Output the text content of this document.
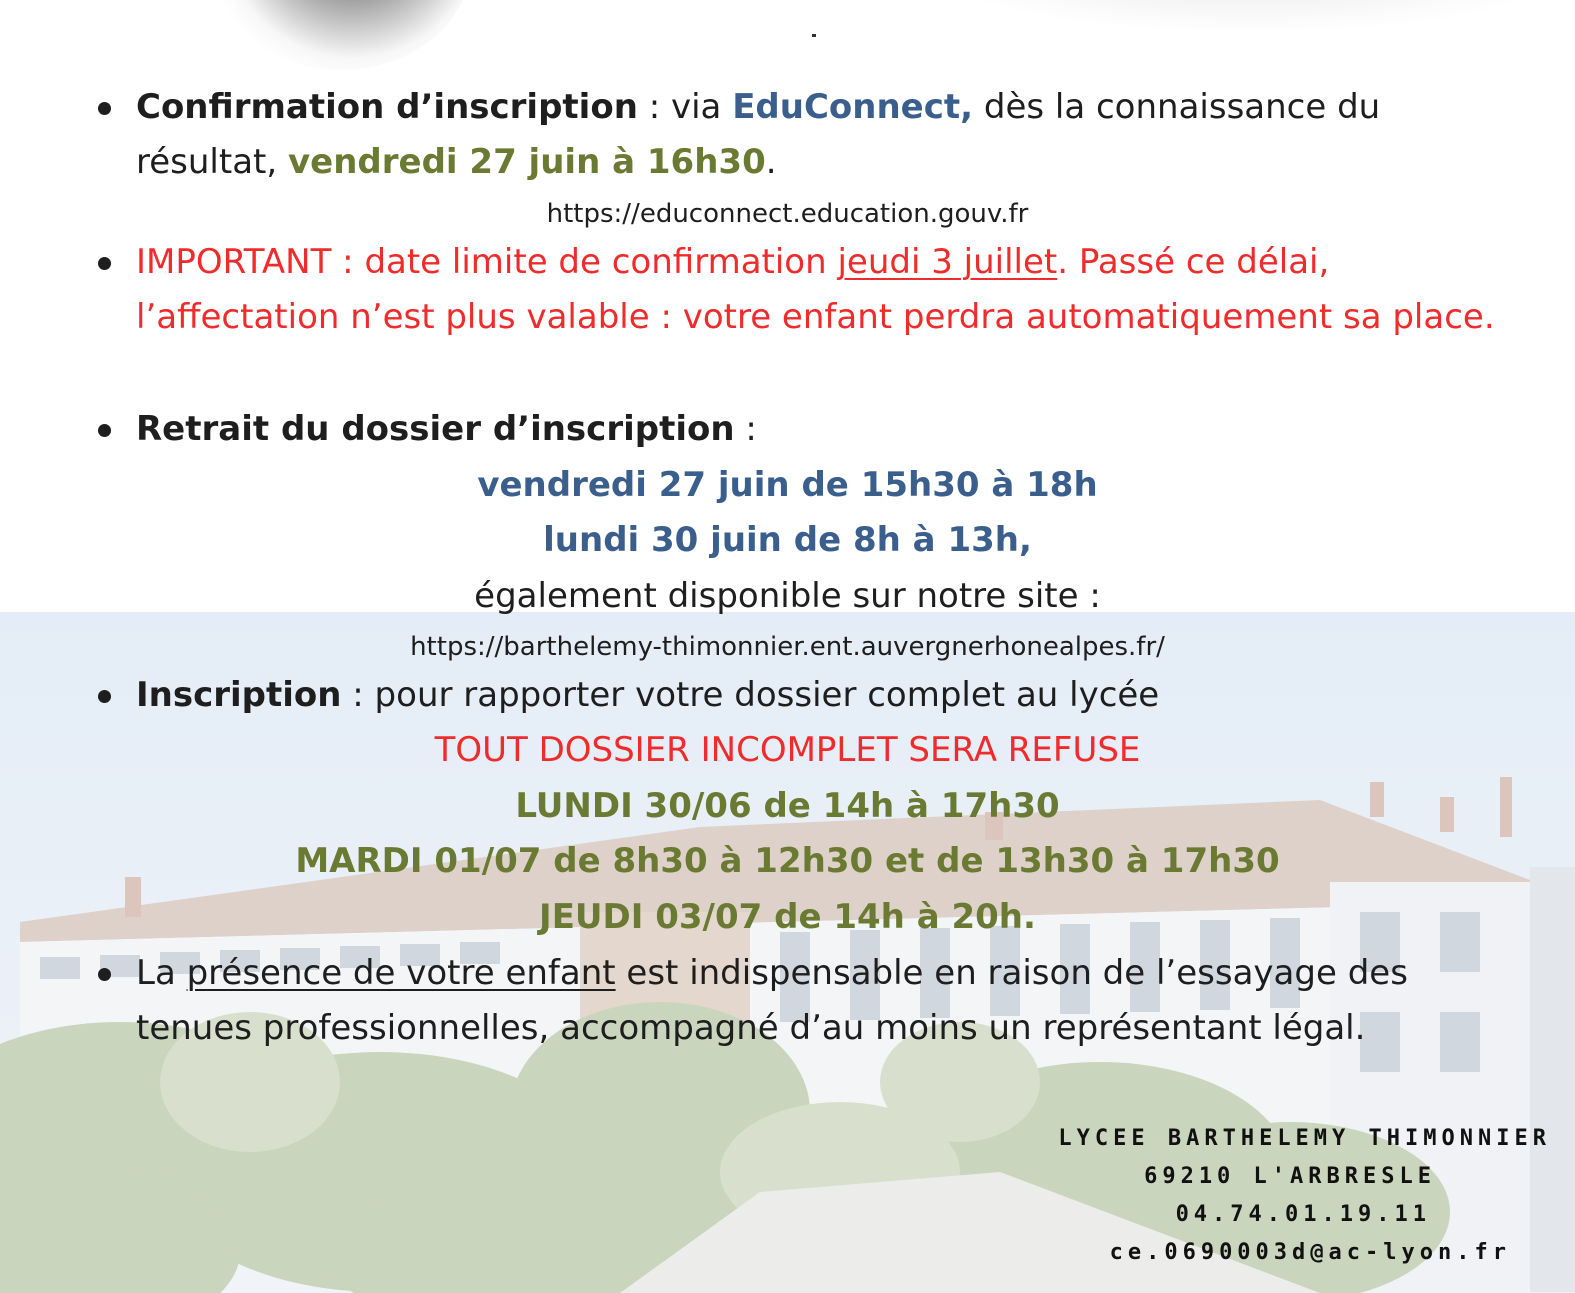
Confirmation d’inscription : via EduConnect, dès la connaissance du résultat, vendredi 27 juin à 16h30.
https://educonnect.education.gouv.fr
IMPORTANT : date limite de confirmation jeudi 3 juillet. Passé ce délai, l’affectation n’est plus valable : votre enfant perdra automatiquement sa place.
Retrait du dossier d’inscription :
vendredi 27 juin de 15h30 à 18h
lundi 30 juin de 8h à 13h,
également disponible sur notre site :
https://barthelemy-thimonnier.ent.auvergnerhonealpes.fr/
Inscription : pour rapporter votre dossier complet au lycée
TOUT DOSSIER INCOMPLET SERA REFUSE
LUNDI 30/06 de 14h à 17h30
MARDI 01/07 de 8h30 à 12h30 et de 13h30 à 17h30
JEUDI 03/07 de 14h à 20h.
La présence de votre enfant est indispensable en raison de l’essayage des tenues professionnelles, accompagné d’au moins un représentant légal.
LYCEE BARTHELEMY THIMONNIER
69210 L'ARBRESLE
04.74.01.19.11
ce.0690003d@ac-lyon.fr
